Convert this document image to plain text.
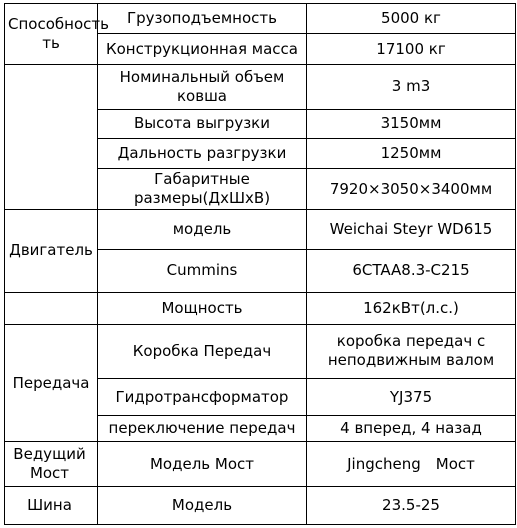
Способность
ть	Грузоподъемность	5000 кг
	Конструкционная масса	17100 кг
	Номинальный объем
ковша	3 m3
	Высота выгрузки	3150мм
	Дальность разгрузки	1250мм
	Габаритные
размеры(ДхШхВ)	7920×3050×3400мм
Двигатель	модель	Weichai Steyr WD615
	Cummins	6CTAA8.3-C215
	Мощность	162кВт(л.с.)
Передача	Коробка Передач	коробка передач с
неподвижным валом
	Гидротрансформатор	YJ375
	переключение передач	4 вперед, 4 назад
Ведущий
Мост	Модель Мост	Jingcheng　Мост
Шина	Модель	23.5-25
